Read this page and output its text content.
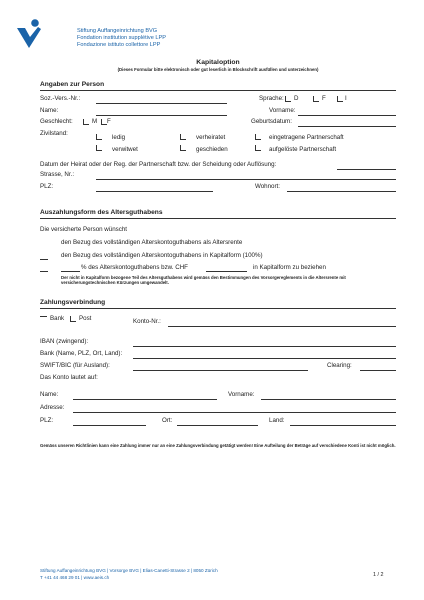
Stiftung Auffangeinrichtung BVG
Fondation institution supplétive LPP
Fondazione istituto collettore LPP
Kapitaloption
(Dieses Formular bitte elektronisch oder gut leserlich in Blockschrift ausfüllen und unterzeichnen)
Angaben zur Person
Soz.-Vers.-Nr.:	Sprache: D	F	I
Name:	Vorname:
Geschlecht:	M F	Geburtsdatum:
Zivilstand:
ledig	verheiratet	eingetragene Partnerschaft
verwitwet	geschieden	aufgelöste Partnerschaft
Datum der Heirat oder der Reg. der Partnerschaft bzw. der Scheidung oder Auflösung:
Strasse, Nr.:
PLZ:	Wohnort:
Auszahlungsform des Altersguthabens
Die versicherte Person wünscht
den Bezug des vollständigen Alterskontoguthabens als Altersrente
den Bezug des vollständigen Alterskontoguthabens in Kapitalform (100%)
% des Alterskontoguthabens bzw. CHF	in Kapitalform zu beziehen
Der nicht in Kapitalform bezogene Teil des Altersguthabens wird gemäss den Bestimmungen des Vorsorgereglements in die Altersrente mit versicherungstechnischen Kürzungen umgewandelt.
Zahlungsverbindung
Bank Post	Konto-Nr.:
IBAN (zwingend):
Bank (Name, PLZ, Ort, Land):
SWIFT/BIC (für Ausland):	Clearing:
Das Konto lautet auf:
Name:	Vorname:
Adresse:
PLZ:	Ort:	Land:
Gemäss unseren Richtlinien kann eine Zahlung immer nur an eine Zahlungsverbindung getätigt werden! Eine Aufteilung der Beträge auf verschiedene Konti ist nicht möglich.
Stiftung Auffangeinrichtung BVG | Vorsorge BVG | Elias-Canetti-Strasse 2 | 8050 Zürich
T +41 44 468 29 01 | www.aeis.ch	1 / 2
